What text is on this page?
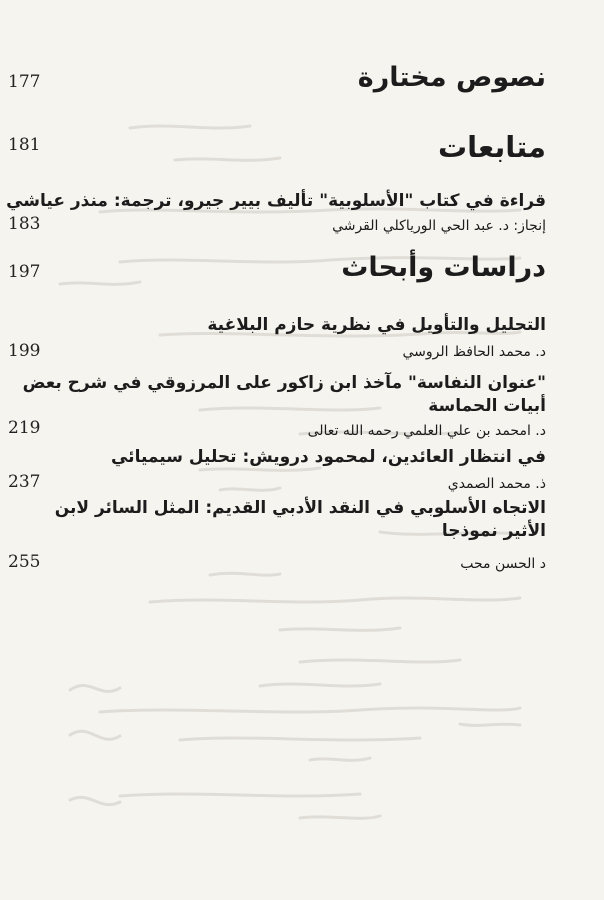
نصوص مختارة
177
متابعات
181
قراءة في كتاب "الأسلوبية" تأليف بيير جيرو، ترجمة: منذر عياشي
إنجاز: د. عبد الحي الورياكلي القرشي
183
دراسات وأبحاث
197
التحليل والتأويل في نظرية حازم البلاغية
د. محمد الحافظ الروسي
199
"عنوان النفاسة" مآخذ ابن زاكور على المرزوقي في شرح بعض أبيات الحماسة
د. امحمد بن علي العلمي رحمه الله تعالى
219
في انتظار العائدين، لمحمود درويش: تحليل سيميائي
ذ. محمد الصمدي
237
الاتجاه الأسلوبي في النقد الأدبي القديم: المثل السائر لابن الأثير نموذجا
د الحسن محب
255
